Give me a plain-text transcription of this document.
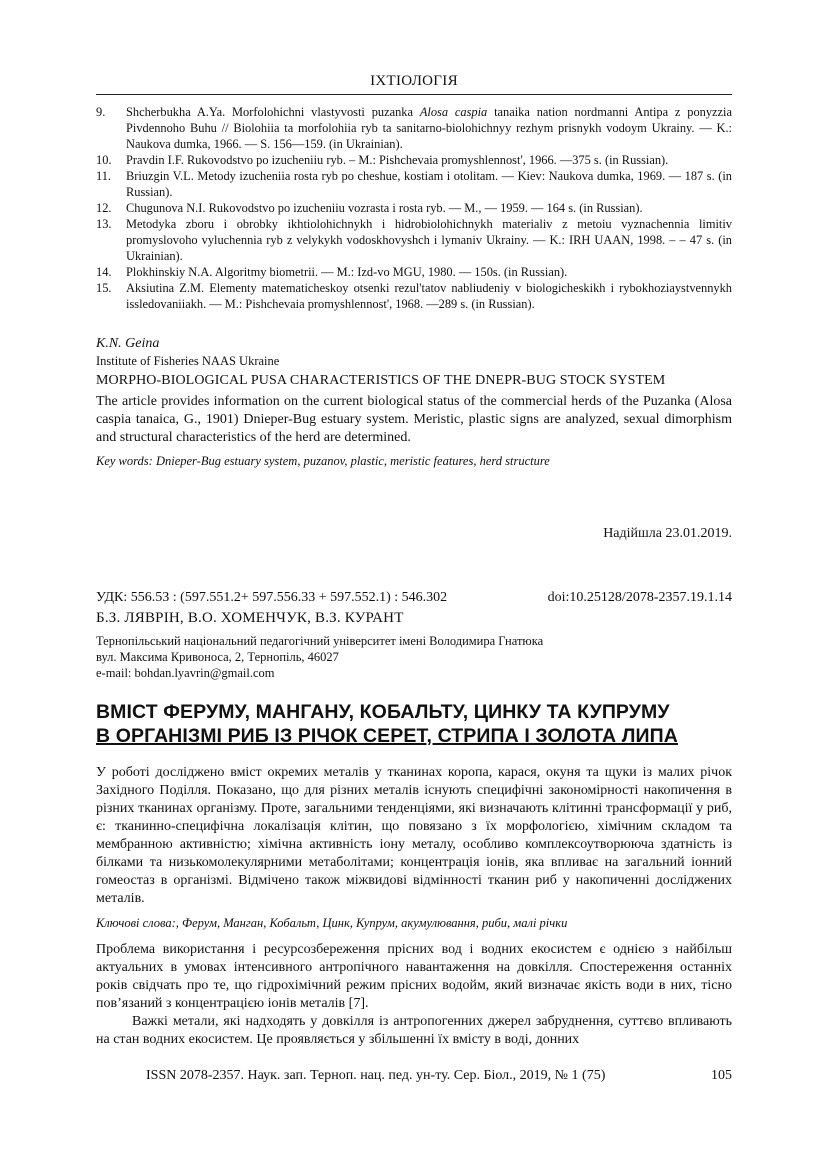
ІХТІОЛОГІЯ
9.	Shcherbukha A.Ya. Morfolohichni vlastyvosti puzanka Alosa caspia tanaika nation nordmanni Antipa z ponyzzia Pivdennoho Buhu // Biolohiia ta morfolohiia ryb ta sanitarno-biolohichnyy rezhym prisnykh vodoym Ukrainy. — K.: Naukova dumka, 1966. — S. 156—159. (in Ukrainian).
10.	Pravdin I.F. Rukovodstvo po izucheniiu ryb. – M.: Pishchevaia promyshlennost', 1966. —375 s. (in Russian).
11.	Briuzgin V.L. Metody izucheniia rosta ryb po cheshue, kostiam i otolitam. — Kiev: Naukova dumka, 1969. — 187 s. (in Russian).
12.	Chugunova N.I. Rukovodstvo po izucheniiu vozrasta i rosta ryb. — M., — 1959. — 164 s. (in Russian).
13.	Metodyka zboru i obrobky ikhtiolohichnykh i hidrobiolohichnykh materialiv z metoiu vyznachennia limitiv promyslovoho vyluchennia ryb z velykykh vodoskhovyshch i lymaniv Ukrainy. — K.: IRH UAAN, 1998. – – 47 s. (in Ukrainian).
14.	Plokhinskiy N.A. Algoritmy biometrii. — M.: Izd-vo MGU, 1980. — 150s. (in Russian).
15.	Aksiutina Z.M. Elementy matematicheskoy otsenki rezul'tatov nabliudeniy v biologicheskikh i rybokhoziaystvennykh issledovaniiakh. — M.: Pishchevaia promyshlennost', 1968. —289 s. (in Russian).
K.N. Geina
Institute of Fisheries NAAS Ukraine
MORPHO-BIOLOGICAL PUSA CHARACTERISTICS OF THE DNEPR-BUG STOCK SYSTEM
The article provides information on the current biological status of the commercial herds of the Puzanka (Alosa caspia tanaica, G., 1901) Dnieper-Bug estuary system. Meristic, plastic signs are analyzed, sexual dimorphism and structural characteristics of the herd are determined.
Key words: Dnieper-Bug estuary system, puzanov, plastic, meristic features, herd structure
Надійшла 23.01.2019.
УДК: 556.53 : (597.551.2+ 597.556.33 + 597.552.1) : 546.302	doi:10.25128/2078-2357.19.1.14
Б.З. ЛЯВРІН, В.О. ХОМЕНЧУК, В.З. КУРАНТ
Тернопільський національний педагогічний університет імені Володимира Гнатюка
вул. Максима Кривоноса, 2, Тернопіль, 46027
e-mail: bohdan.lyavrin@gmail.com
ВМІСТ ФЕРУМУ, МАНГАНУ, КОБАЛЬТУ, ЦИНКУ ТА КУПРУМУ
В ОРГАНІЗМІ РИБ ІЗ РІЧОК СЕРЕТ, СТРИПА І ЗОЛОТА ЛИПА
У роботі досліджено вміст окремих металів у тканинах коропа, карася, окуня та щуки із малих річок Західного Поділля. Показано, що для різних металів існують специфічні закономірності накопичення в різних тканинах організму. Проте, загальними тенденціями, які визначають клітинні трансформації у риб, є: тканинно-специфічна локалізація клітин, що повязано з їх морфологією, хімічним складом та мембранною активністю; хімічна активність іону металу, особливо комплексоутворююча здатність із білками та низькомолекулярними метаболітами; концентрація іонів, яка впливає на загальний іонний гомеостаз в організмі. Відмічено також міжвидові відмінності тканин риб у накопиченні досліджених металів.
Ключові слова:, Ферум, Манган, Кобальт, Цинк, Купрум, акумулювання, риби, малі річки

Проблема використання і ресурсозбереження прісних вод і водних екосистем є однією з найбільш актуальних в умовах інтенсивного антропічного навантаження на довкілля. Спостереження останніх років свідчать про те, що гідрохімічний режим прісних водойм, який визначає якість води в них, тісно пов’язаний з концентрацією іонів металів [7].

Важкі метали, які надходять у довкілля із антропогенних джерел забруднення, суттєво впливають на стан водних екосистем. Це проявляється у збільшенні їх вмісту в воді, донних

ISSN 2078-2357. Наук. зап. Терноп. нац. пед. ун-ту. Сер. Біол., 2019, № 1 (75)	105
